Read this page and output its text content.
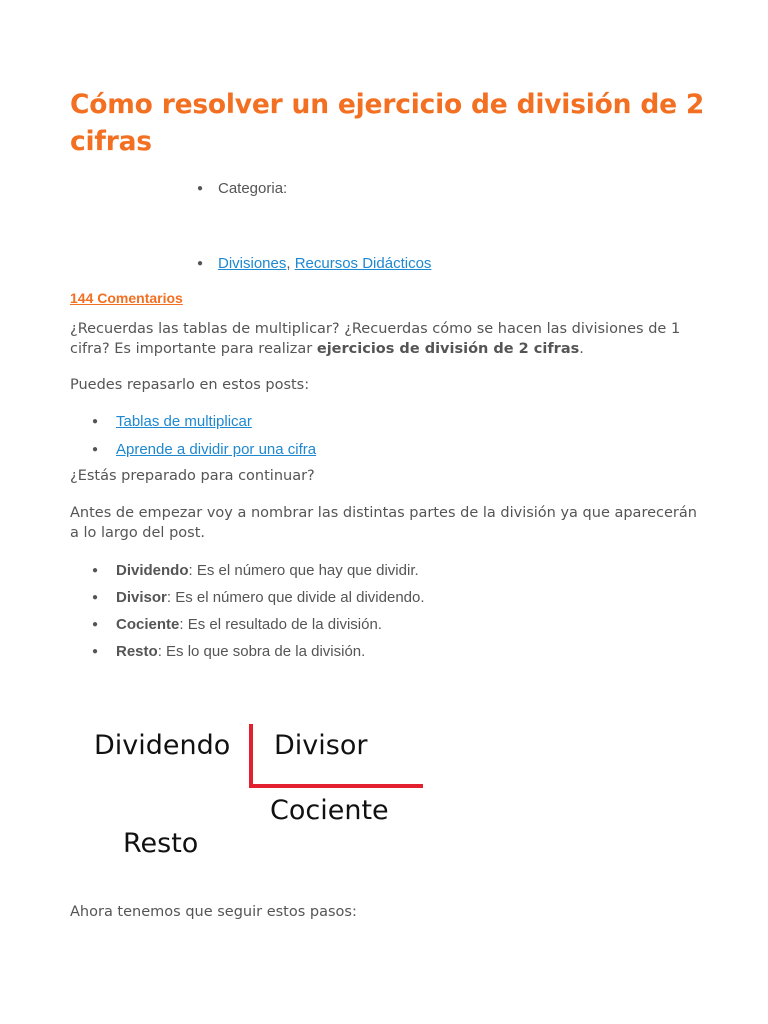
Cómo resolver un ejercicio de división de 2 cifras
● Categoria:
● Divisiones, Recursos Didácticos
144 Comentarios

¿Recuerdas las tablas de multiplicar? ¿Recuerdas cómo se hacen las divisiones de 1 cifra? Es importante para realizar ejercicios de división de 2 cifras.

Puedes repasarlo en estos posts:

● Tablas de multiplicar
● Aprende a dividir por una cifra

¿Estás preparado para continuar?

Antes de empezar voy a nombrar las distintas partes de la división ya que aparecerán a lo largo del post.

● Dividendo: Es el número que hay que dividir.
● Divisor: Es el número que divide al dividendo.
● Cociente: Es el resultado de la división.
● Resto: Es lo que sobra de la división.
Dividendo Divisor
Cociente
Resto

Ahora tenemos que seguir estos pasos:
